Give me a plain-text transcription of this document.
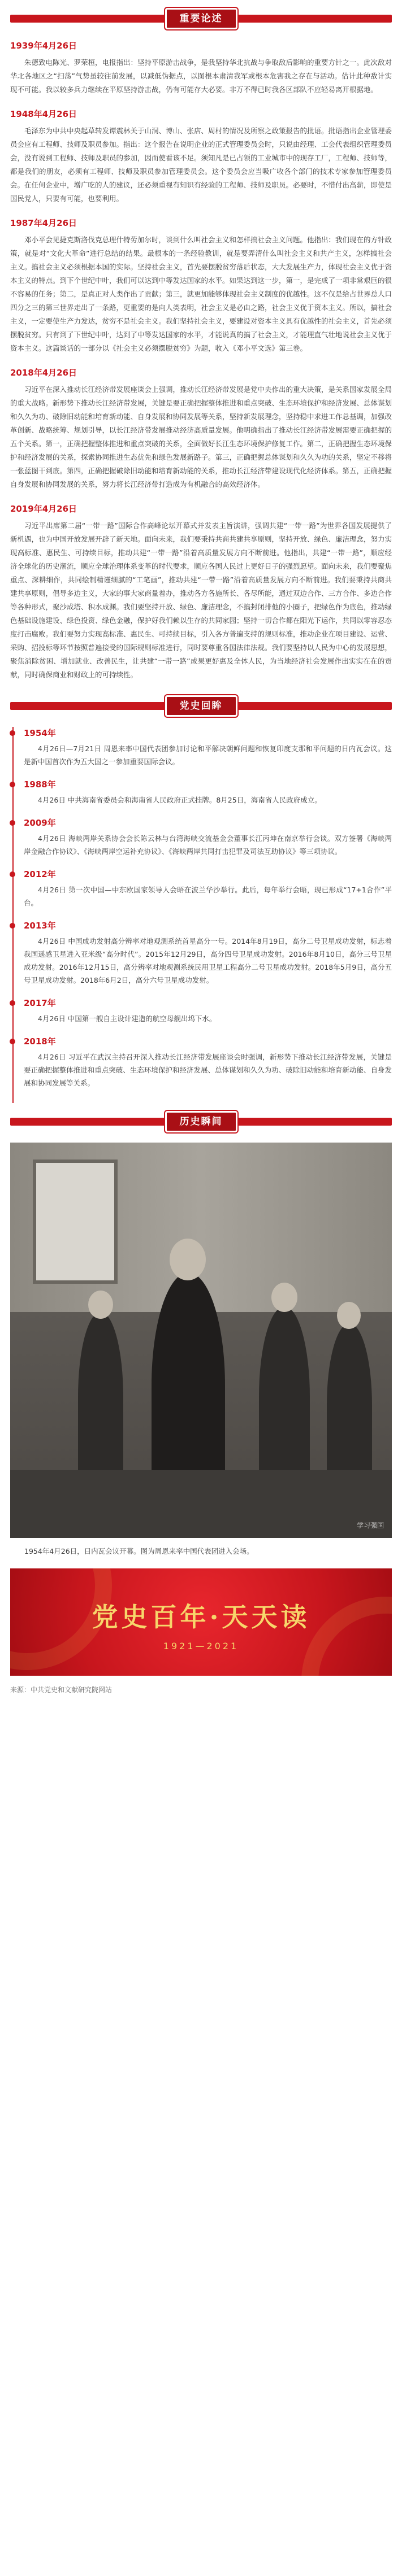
重要论述
1939年4月26日

朱德致电陈光、罗荣桓，电报指出：坚持平原游击战争，是我坚持华北抗战与争取敌后影响的重要方针之一。此次敌对华北各地区之“扫荡”气势虽较往前发展，以减低伪据点，以图根本肃清我军或根本危害我之存在与活动。估计此种敌计实现不可能。我以较多兵力继续在平原坚持游击战，仍有可能存大必要。非万不得已时我各区部队不应轻易离开根据地。

1948年4月26日

毛泽东为中共中央起草转发谭震林关于山洞、博山、张店、周村的情况及所察之政策报告的批语。批语指出企业管理委员会应有工程师、技师及职员参加。指出：这个报告在说明企业的正式管理委员会时，只说由经理、工会代表组织管理委员会，没有说到工程师、技师及职员的参加，因而使看该不足。须知凡是已占领的工业城市中的现存工厂，工程师、技师等，都是我们的朋友，必须有工程师、技师及职员参加管理委员会。这个委员会应当吸广收各个部门的技术专家参加管理委员会。在任何企业中，增广吃的人的建议，还必须重视有知识有经验的工程师、技师及职员。必要时，不惜付出高薪，即使是国民党人，只要有可能，也要利用。

1987年4月26日

邓小平会见捷克斯洛伐克总理什特劳加尔时，谈到什么叫社会主义和怎样搞社会主义问题。他指出：我们现在的方针政策，就是对“文化大革命”进行总结的结果。最根本的一条经验教训，就是要弄清什么叫社会主义和共产主义，怎样搞社会主义。搞社会主义必须根据本国的实际。坚持社会主义，首先要摆脱贫穷落后状态，大大发展生产力，体现社会主义优于资本主义的特点。到下个世纪中叶，我们可以达到中等发达国家的水平。如果达到这一步，第一，是完成了一项非常艰巨的很不容易的任务；第二，是真正对人类作出了贡献；第三，就更加能够体现社会主义制度的优越性。这不仅是给占世界总人口四分之三的第三世界走出了一条路，更重要的是向人类表明，社会主义是必由之路，社会主义优于资本主义。所以，搞社会主义，一定要使生产力发达，贫穷不是社会主义。我们坚持社会主义，要建设对资本主义具有优越性的社会主义，首先必须摆脱贫穷。只有到了下世纪中叶，达到了中等发达国家的水平，才能说真的搞了社会主义，才能理直气壮地说社会主义优于资本主义。这篇谈话的一部分以《社会主义必须摆脱贫穷》为题，收入《邓小平文选》第三卷。

2018年4月26日

习近平在深入推动长江经济带发展座谈会上强调，推动长江经济带发展是党中央作出的重大决策，是关系国家发展全局的重大战略。新形势下推动长江经济带发展，关键是要正确把握整体推进和重点突破、生态环境保护和经济发展、总体谋划和久久为功、破除旧动能和培育新动能、自身发展和协同发展等关系，坚持新发展理念，坚持稳中求进工作总基调，加强改革创新、战略统筹、规划引导，以长江经济带发展推动经济高质量发展。他明确指出了推动长江经济带发展需要正确把握的五个关系。第一，正确把握整体推进和重点突破的关系，全面做好长江生态环境保护修复工作。第二，正确把握生态环境保护和经济发展的关系，探索协同推进生态优先和绿色发展新路子。第三，正确把握总体谋划和久久为功的关系，坚定不移将一张蓝图干到底。第四，正确把握破除旧动能和培育新动能的关系，推动长江经济带建设现代化经济体系。第五，正确把握自身发展和协同发展的关系，努力将长江经济带打造成为有机融合的高效经济体。

2019年4月26日

习近平出席第二届“一带一路”国际合作高峰论坛开幕式并发表主旨演讲，强调共建“一带一路”为世界各国发展提供了新机遇，也为中国开放发展开辟了新天地。面向未来，我们要秉持共商共建共享原则，坚持开放、绿色、廉洁理念，努力实现高标准、惠民生、可持续目标，推动共建“一带一路”沿着高质量发展方向不断前进。他指出，共建“一带一路”，顺应经济全球化的历史潮流，顺应全球治理体系变革的时代要求，顺应各国人民过上更好日子的强烈愿望。面向未来，我们要聚焦重点、深耕细作，共同绘制精谨细腻的“工笔画”，推动共建“一带一路”沿着高质量发展方向不断前进。我们要秉持共商共建共享原则，倡导多边主义，大家的事大家商量着办，推动各方各施所长、各尽所能，通过双边合作、三方合作、多边合作等各种形式，聚沙成塔、积水成渊。我们要坚持开放、绿色、廉洁理念，不搞封闭排他的小圈子，把绿色作为底色，推动绿色基础设施建设、绿色投资、绿色金融，保护好我们赖以生存的共同家园；坚持一切合作都在阳光下运作，共同以零容忍态度打击腐败。我们要努力实现高标准、惠民生、可持续目标，引入各方普遍支持的规则标准，推动企业在项目建设、运营、采购、招投标等环节按照普遍接受的国际规则标准进行，同时要尊重各国法律法规。我们要坚持以人民为中心的发展思想，聚焦消除贫困、增加就业、改善民生，让共建“一带一路”成果更好惠及全体人民，为当地经济社会发展作出实实在在的贡献，同时确保商业和财政上的可持续性。

党史回眸
1954年

4月26日—7月21日 周恩来率中国代表团参加讨论和平解决朝鲜问题和恢复印度支那和平问题的日内瓦会议。这是新中国首次作为五大国之一参加重要国际会议。

1988年

4月26日 中共海南省委员会和海南省人民政府正式挂牌。8月25日，海南省人民政府成立。

2009年

4月26日 海峡两岸关系协会会长陈云林与台湾海峡交流基金会董事长江丙坤在南京举行会谈。双方签署《海峡两岸金融合作协议》、《海峡两岸空运补充协议》、《海峡两岸共同打击犯罪及司法互助协议》等三项协议。

2012年

4月26日 第一次中国—中东欧国家领导人会晤在波兰华沙举行。此后，每年举行会晤，现已形成“17+1合作”平台。

2013年

4月26日 中国成功发射高分辨率对地观测系统首星高分一号。2014年8月19日，高分二号卫星成功发射，标志着我国遥感卫星进入亚米级“高分时代”。2015年12月29日，高分四号卫星成功发射。2016年8月10日，高分三号卫星成功发射。2016年12月15日，高分辨率对地观测系统民用卫星工程高分二号卫星成功发射。2018年5月9日，高分五号卫星成功发射。2018年6月2日，高分六号卫星成功发射。

2017年

4月26日 中国第一艘自主设计建造的航空母舰出坞下水。

2018年

4月26日 习近平在武汉主持召开深入推动长江经济带发展座谈会时强调，新形势下推动长江经济带发展，关键是要正确把握整体推进和重点突破、生态环境保护和经济发展、总体谋划和久久为功、破除旧动能和培育新动能、自身发展和协同发展等关系。

历史瞬间
学习强国

1954年4月26日，日内瓦会议开幕。图为周恩来率中国代表团进入会场。

党史百年·天天读
1921—2021

来源：中共党史和文献研究院网站
